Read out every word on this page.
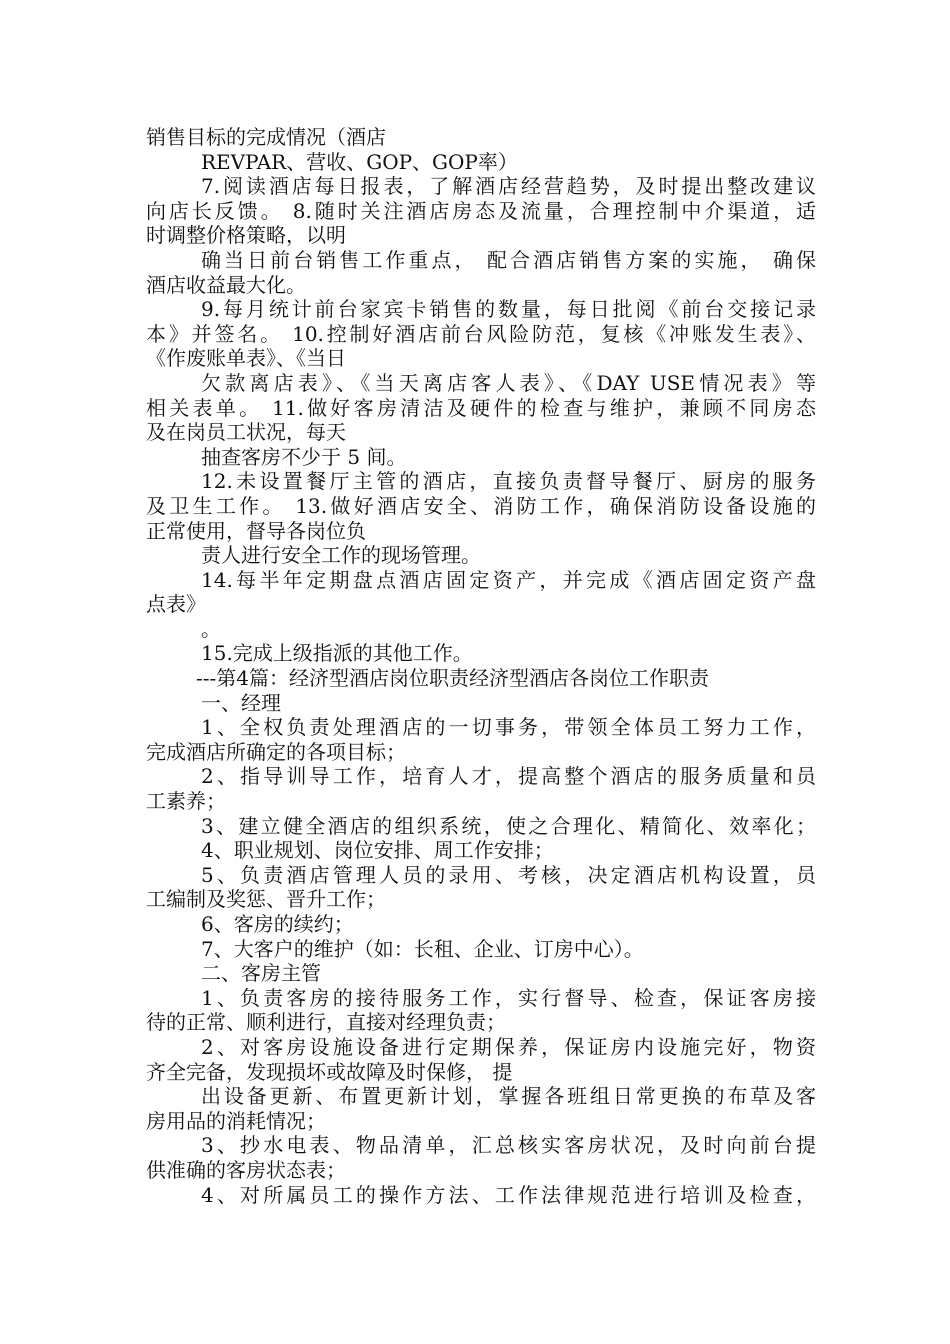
销售目标的完成情况（酒店
REVPAR、营收、GOP、GOP率）
7.阅读酒店每日报表，了解酒店经营趋势，及时提出整改建议
向店长反馈。 8.随时关注酒店房态及流量，合理控制中介渠道，适
时调整价格策略，以明
确当日前台销售工作重点， 配合酒店销售方案的实施， 确保
酒店收益最大化。
9.每月统计前台家宾卡销售的数量，每日批阅《前台交接记录
本》并签名。 10.控制好酒店前台风险防范，复核《冲账发生表》、
《作废账单表》、《当日
欠款离店表》、《当天离店客人表》、《DAY USE情况表》等
相关表单。 11.做好客房清洁及硬件的检查与维护，兼顾不同房态
及在岗员工状况，每天
抽查客房不少于 5 间。
12.未设置餐厅主管的酒店，直接负责督导餐厅、厨房的服务
及卫生工作。 13.做好酒店安全、消防工作，确保消防设备设施的
正常使用，督导各岗位负
责人进行安全工作的现场管理。
14.每半年定期盘点酒店固定资产，并完成《酒店固定资产盘
点表》
。
15.完成上级指派的其他工作。
---第4篇：经济型酒店岗位职责经济型酒店各岗位工作职责
一、经理
1、全权负责处理酒店的一切事务，带领全体员工努力工作，
完成酒店所确定的各项目标；
2、指导训导工作，培育人才，提高整个酒店的服务质量和员
工素养；
3、建立健全酒店的组织系统，使之合理化、精简化、效率化；
4、职业规划、岗位安排、周工作安排；
5、负责酒店管理人员的录用、考核，决定酒店机构设置，员
工编制及奖惩、晋升工作；
6、客房的续约；
7、大客户的维护（如：长租、企业、订房中心）。
二、客房主管
1、负责客房的接待服务工作，实行督导、检查，保证客房接
待的正常、顺利进行，直接对经理负责；
2、对客房设施设备进行定期保养，保证房内设施完好，物资
齐全完备，发现损坏或故障及时保修， 提
出设备更新、布置更新计划，掌握各班组日常更换的布草及客
房用品的消耗情况；
3、抄水电表、物品清单，汇总核实客房状况，及时向前台提
供准确的客房状态表；
4、对所属员工的操作方法、工作法律规范进行培训及检查，
